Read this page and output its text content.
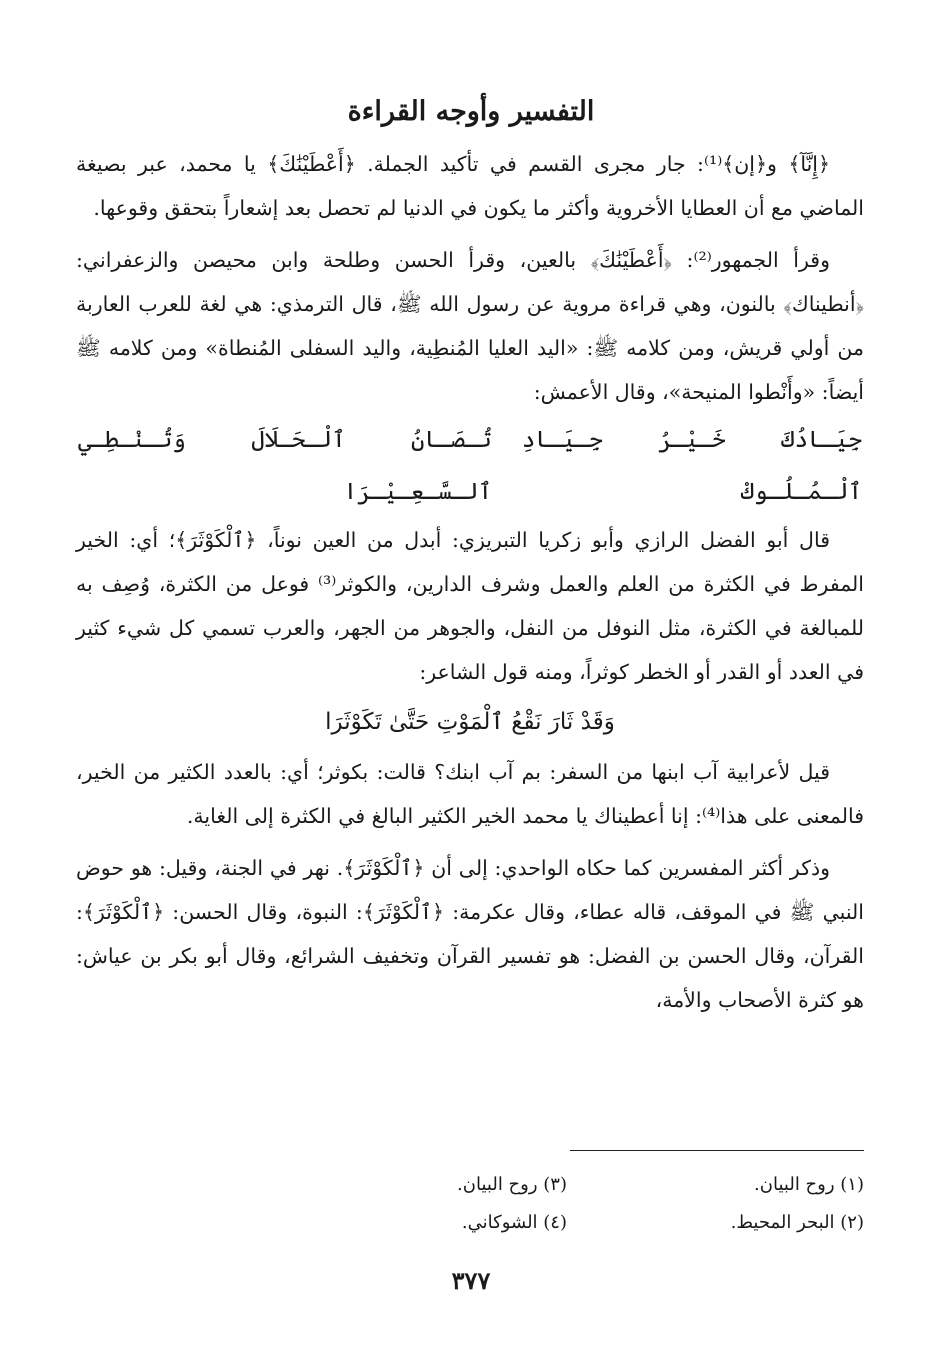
التفسير وأوجه القراءة

﴿إِنَّآ﴾ و﴿إن﴾⁽¹⁾: جار مجرى القسم في تأكيد الجملة. ﴿أَعْطَيْنَٰكَ﴾ يا محمد، عبر بصيغة الماضي مع أن العطايا الأخروية وأكثر ما يكون في الدنيا لم تحصل بعد إشعاراً بتحقق وقوعها.

وقرأ الجمهور⁽²⁾: ﴿أَعْطَيْنَٰكَ﴾ بالعين، وقرأ الحسن وطلحة وابن محيصن والزعفراني: ﴿أنطيناك﴾ بالنون، وهي قراءة مروية عن رسول الله ﷺ، قال الترمذي: هي لغة للعرب العاربة من أولي قريش، ومن كلامه ﷺ: «اليد العليا المُنطِية، واليد السفلى المُنطاة» ومن كلامه ﷺ أيضاً: «وأَنْطوا المنيحة»، وقال الأعمش:

جِيَـادُكَ خَـيْـرُ جِـيَـادِ ٱلْـمُـلُـوكْ
تُـصَـانُ ٱلْـحَـلَالَ وَتُـنْـطِـي ٱلـسَّـعِـيْـرَا

قال أبو الفضل الرازي وأبو زكريا التبريزي: أبدل من العين نوناً، ﴿ٱلْكَوْثَرَ﴾؛ أي: الخير المفرط في الكثرة من العلم والعمل وشرف الدارين، والكوثر⁽³⁾ فوعل من الكثرة، وُصِف به للمبالغة في الكثرة، مثل النوفل من النفل، والجوهر من الجهر، والعرب تسمي كل شيء كثير في العدد أو القدر أو الخطر كوثراً، ومنه قول الشاعر:

وَقَدْ ثَارَ نَقْعُ ٱلْمَوْتِ حَتَّىٰ تَكَوْثَرَا

قيل لأعرابية آب ابنها من السفر: بم آب ابنك؟ قالت: بكوثر؛ أي: بالعدد الكثير من الخير، فالمعنى على هذا⁽⁴⁾: إنا أعطيناك يا محمد الخير الكثير البالغ في الكثرة إلى الغاية.

وذكر أكثر المفسرين كما حكاه الواحدي: إلى أن ﴿ٱلْكَوْثَرَ﴾. نهر في الجنة، وقيل: هو حوض النبي ﷺ في الموقف، قاله عطاء، وقال عكرمة: ﴿ٱلْكَوْثَرَ﴾: النبوة، وقال الحسن: ﴿ٱلْكَوْثَرَ﴾: القرآن، وقال الحسن بن الفضل: هو تفسير القرآن وتخفيف الشرائع، وقال أبو بكر بن عياش: هو كثرة الأصحاب والأمة،

(١) روح البيان.
(٣) روح البيان.
(٢) البحر المحيط.
(٤) الشوكاني.
٣٧٧
